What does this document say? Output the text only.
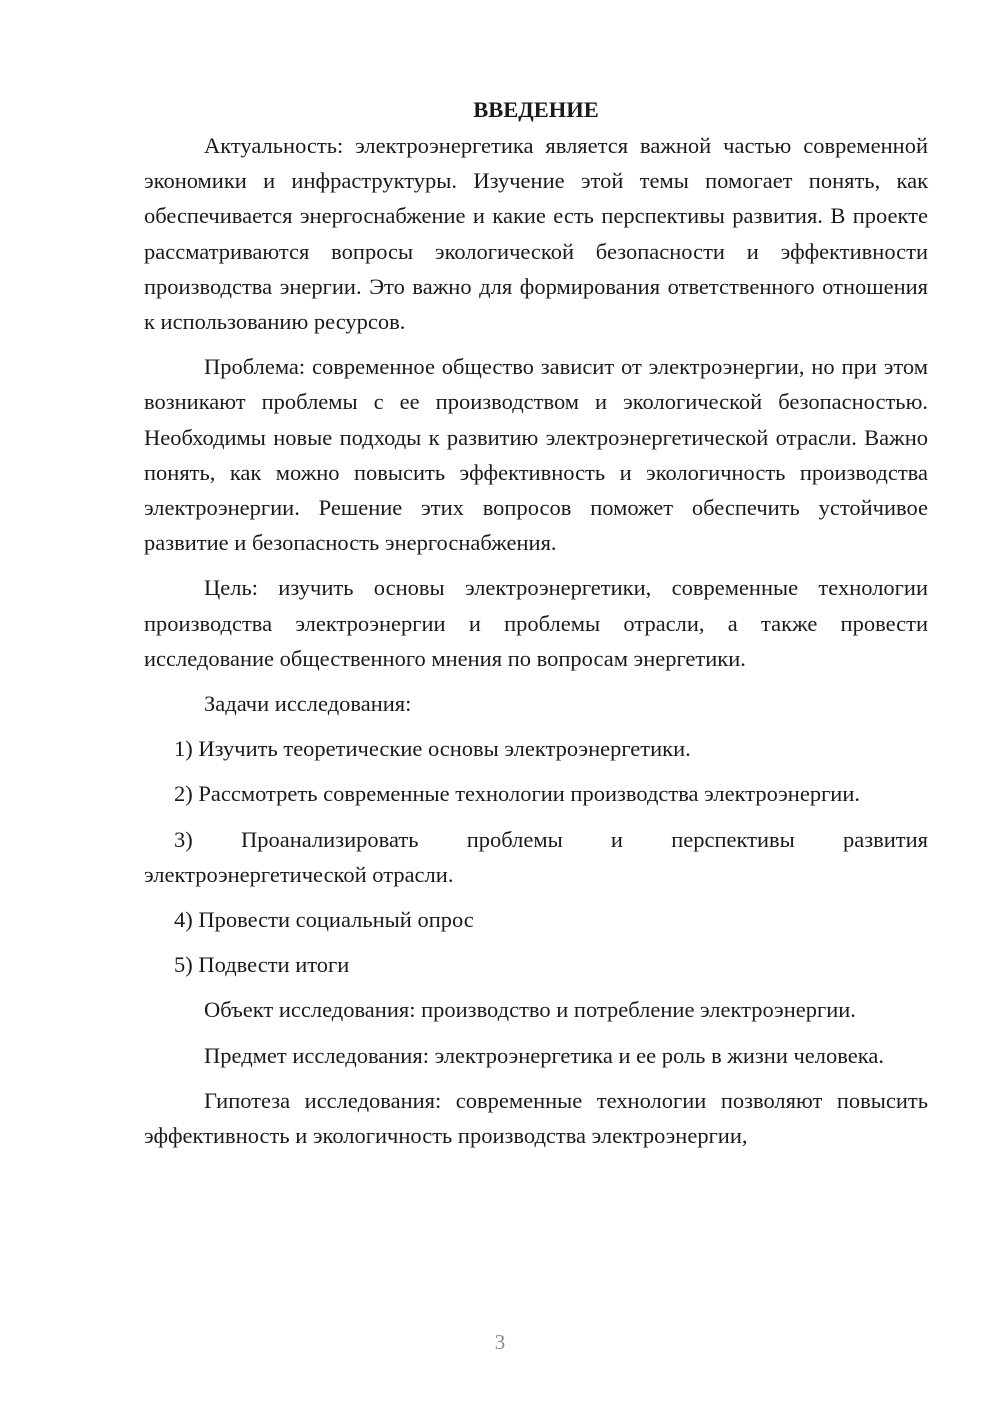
ВВЕДЕНИЕ

Актуальность: электроэнергетика является важной частью современной экономики и инфраструктуры. Изучение этой темы помогает понять, как обеспечивается энергоснабжение и какие есть перспективы развития. В проекте рассматриваются вопросы экологической безопасности и эффективности производства энергии. Это важно для формирования ответственного отношения к использованию ресурсов.

Проблема: современное общество зависит от электроэнергии, но при этом возникают проблемы с ее производством и экологической безопасностью. Необходимы новые подходы к развитию электроэнергетической отрасли. Важно понять, как можно повысить эффективность и экологичность производства электроэнергии. Решение этих вопросов поможет обеспечить устойчивое развитие и безопасность энергоснабжения.

Цель: изучить основы электроэнергетики, современные технологии производства электроэнергии и проблемы отрасли, а также провести исследование общественного мнения по вопросам энергетики.

Задачи исследования:

1) Изучить теоретические основы электроэнергетики.

2) Рассмотреть современные технологии производства электроэнергии.

3) Проанализировать проблемы и перспективы развития электроэнергетической отрасли.

4) Провести социальный опрос

5) Подвести итоги

Объект исследования: производство и потребление электроэнергии.

Предмет исследования: электроэнергетика и ее роль в жизни человека.

Гипотеза исследования: современные технологии позволяют повысить эффективность и экологичность производства электроэнергии,

3
